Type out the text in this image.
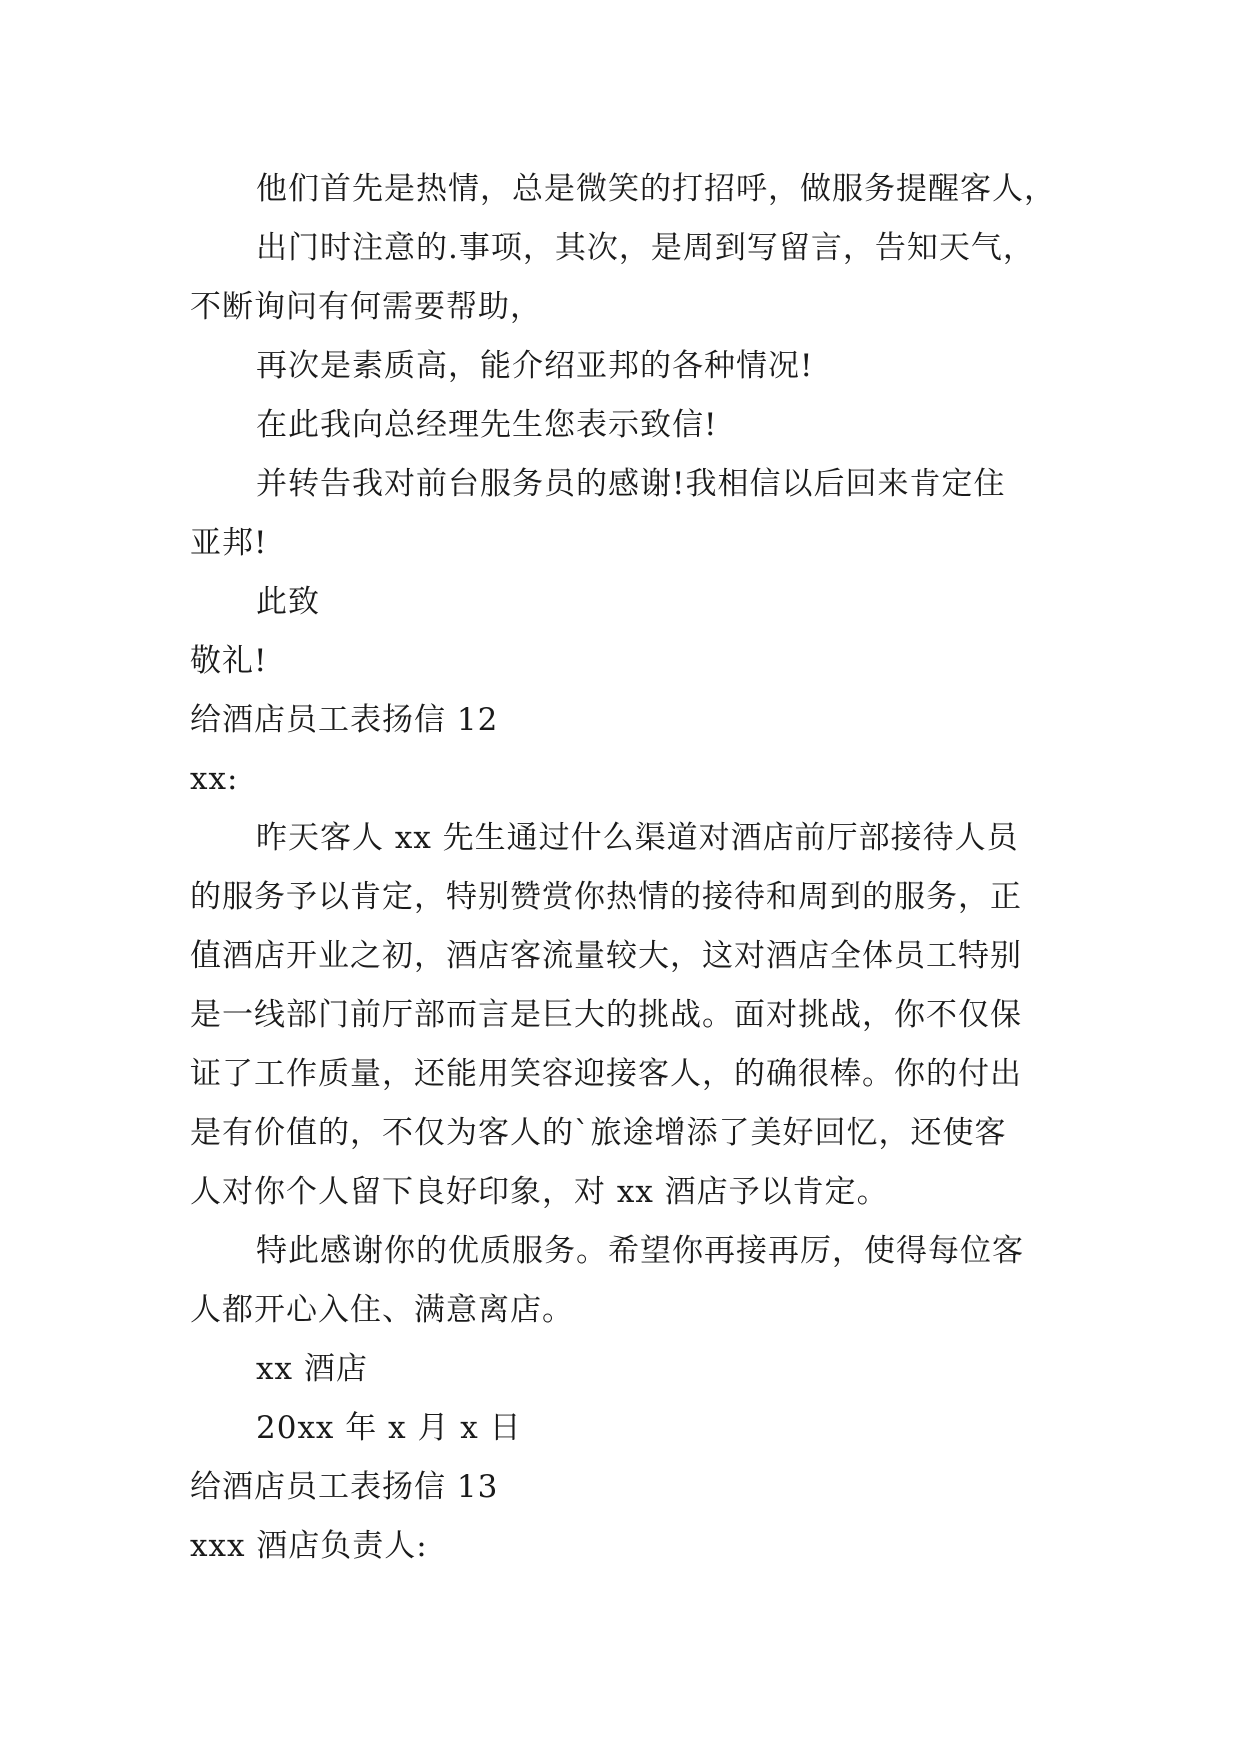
他们首先是热情，总是微笑的打招呼，做服务提醒客人，
出门时注意的.事项，其次，是周到写留言，告知天气，
不断询问有何需要帮助，
再次是素质高，能介绍亚邦的各种情况!
在此我向总经理先生您表示致信!
并转告我对前台服务员的感谢!我相信以后回来肯定住
亚邦!
此致
敬礼!
给酒店员工表扬信 12
xx:
昨天客人 xx 先生通过什么渠道对酒店前厅部接待人员
的服务予以肯定，特别赞赏你热情的接待和周到的服务，正
值酒店开业之初，酒店客流量较大，这对酒店全体员工特别
是一线部门前厅部而言是巨大的挑战。面对挑战，你不仅保
证了工作质量，还能用笑容迎接客人，的确很棒。你的付出
是有价值的，不仅为客人的`旅途增添了美好回忆，还使客
人对你个人留下良好印象，对 xx 酒店予以肯定。
特此感谢你的优质服务。希望你再接再厉，使得每位客
人都开心入住、满意离店。
xx 酒店
20xx 年 x 月 x 日
给酒店员工表扬信 13
xxx 酒店负责人:
